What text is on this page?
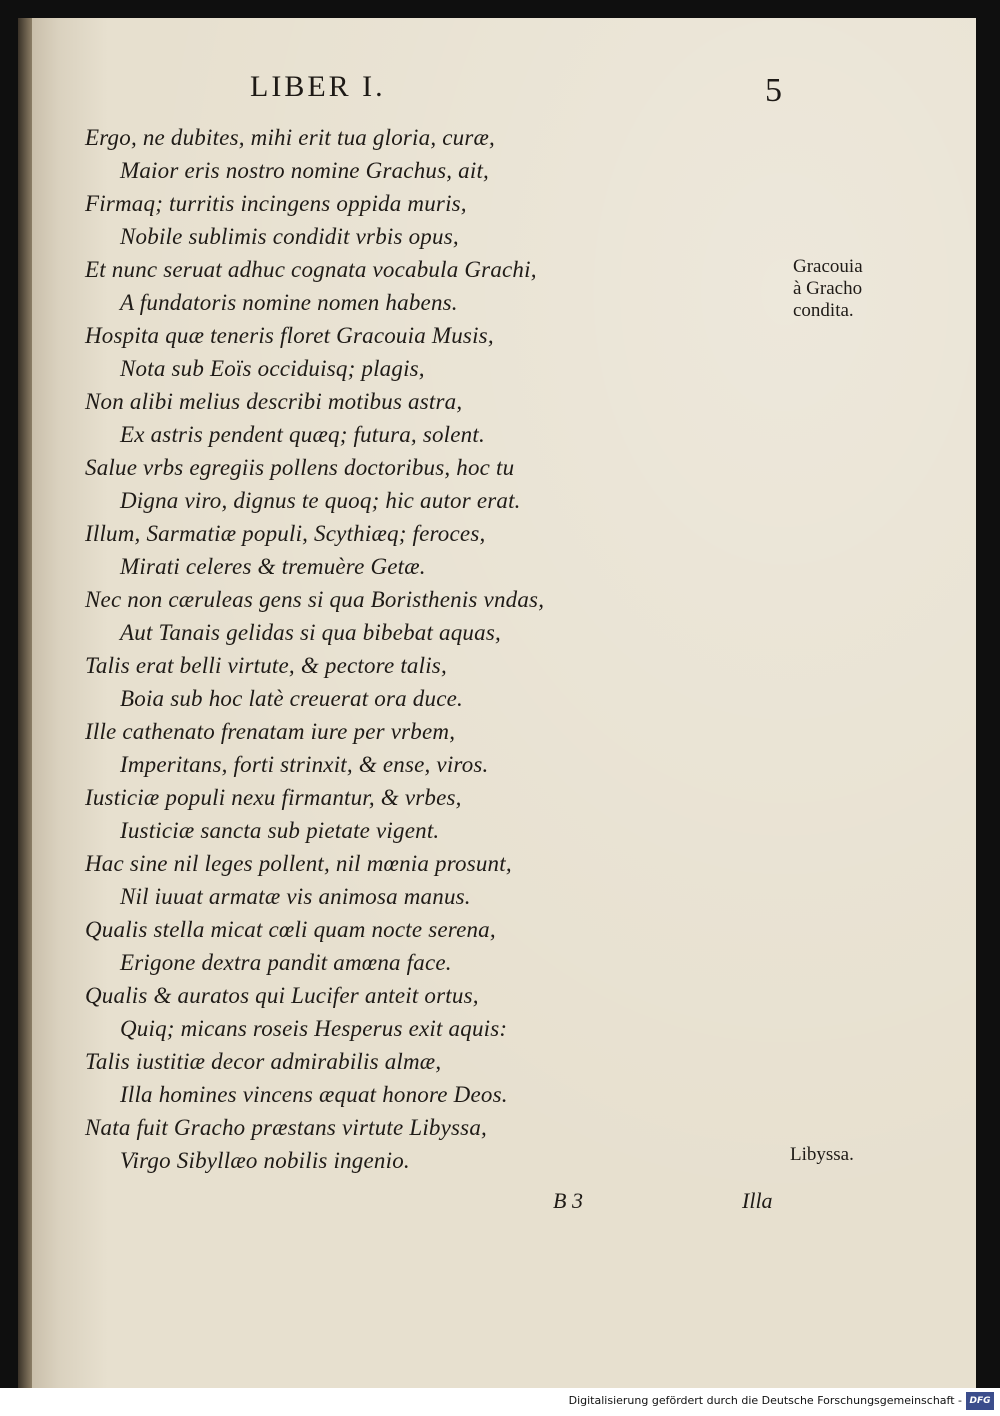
LIBER I.	5
Ergo, ne dubites, mihi erit tua gloria, curæ,
Maior eris nostro nomine Grachus, ait,
Firmaq; turritis incingens oppida muris,
Nobile sublimis condidit vrbis opus,
Et nunc seruat adhuc cognata vocabula Grachi,
A fundatoris nomine nomen habens.
Hospita quæ teneris floret Gracouia Musis,
Nota sub Eoïs occiduisq; plagis,
Non alibi melius describi motibus astra,
Ex astris pendent quæq; futura, solent.
Salue vrbs egregiis pollens doctoribus, hoc tu
Digna viro, dignus te quoq; hic autor erat.
Illum, Sarmatiæ populi, Scythiæq; feroces,
Mirati celeres & tremuère Getæ.
Nec non cæruleas gens si qua Boristhenis vndas,
Aut Tanais gelidas si qua bibebat aquas,
Talis erat belli virtute, & pectore talis,
Boia sub hoc latè creuerat ora duce.
Ille cathenato frenatam iure per vrbem,
Imperitans, forti strinxit, & ense, viros.
Iusticiæ populi nexu firmantur, & vrbes,
Iusticiæ sancta sub pietate vigent.
Hac sine nil leges pollent, nil mœnia prosunt,
Nil iuuat armatæ vis animosa manus.
Qualis stella micat cœli quam nocte serena,
Erigone dextra pandit amœna face.
Qualis & auratos qui Lucifer anteit ortus,
Quiq; micans roseis Hesperus exit aquis:
Talis iustitiæ decor admirabilis almæ,
Illa homines vincens æquat honore Deos.
Nata fuit Gracho præstans virtute Libyssa,
Virgo Sibyllæo nobilis ingenio.
Gracouia
à Gracho
condita.
Libyssa.
B 3	Illa
Digitalisierung gefördert durch die Deutsche Forschungsgemeinschaft - DFG
